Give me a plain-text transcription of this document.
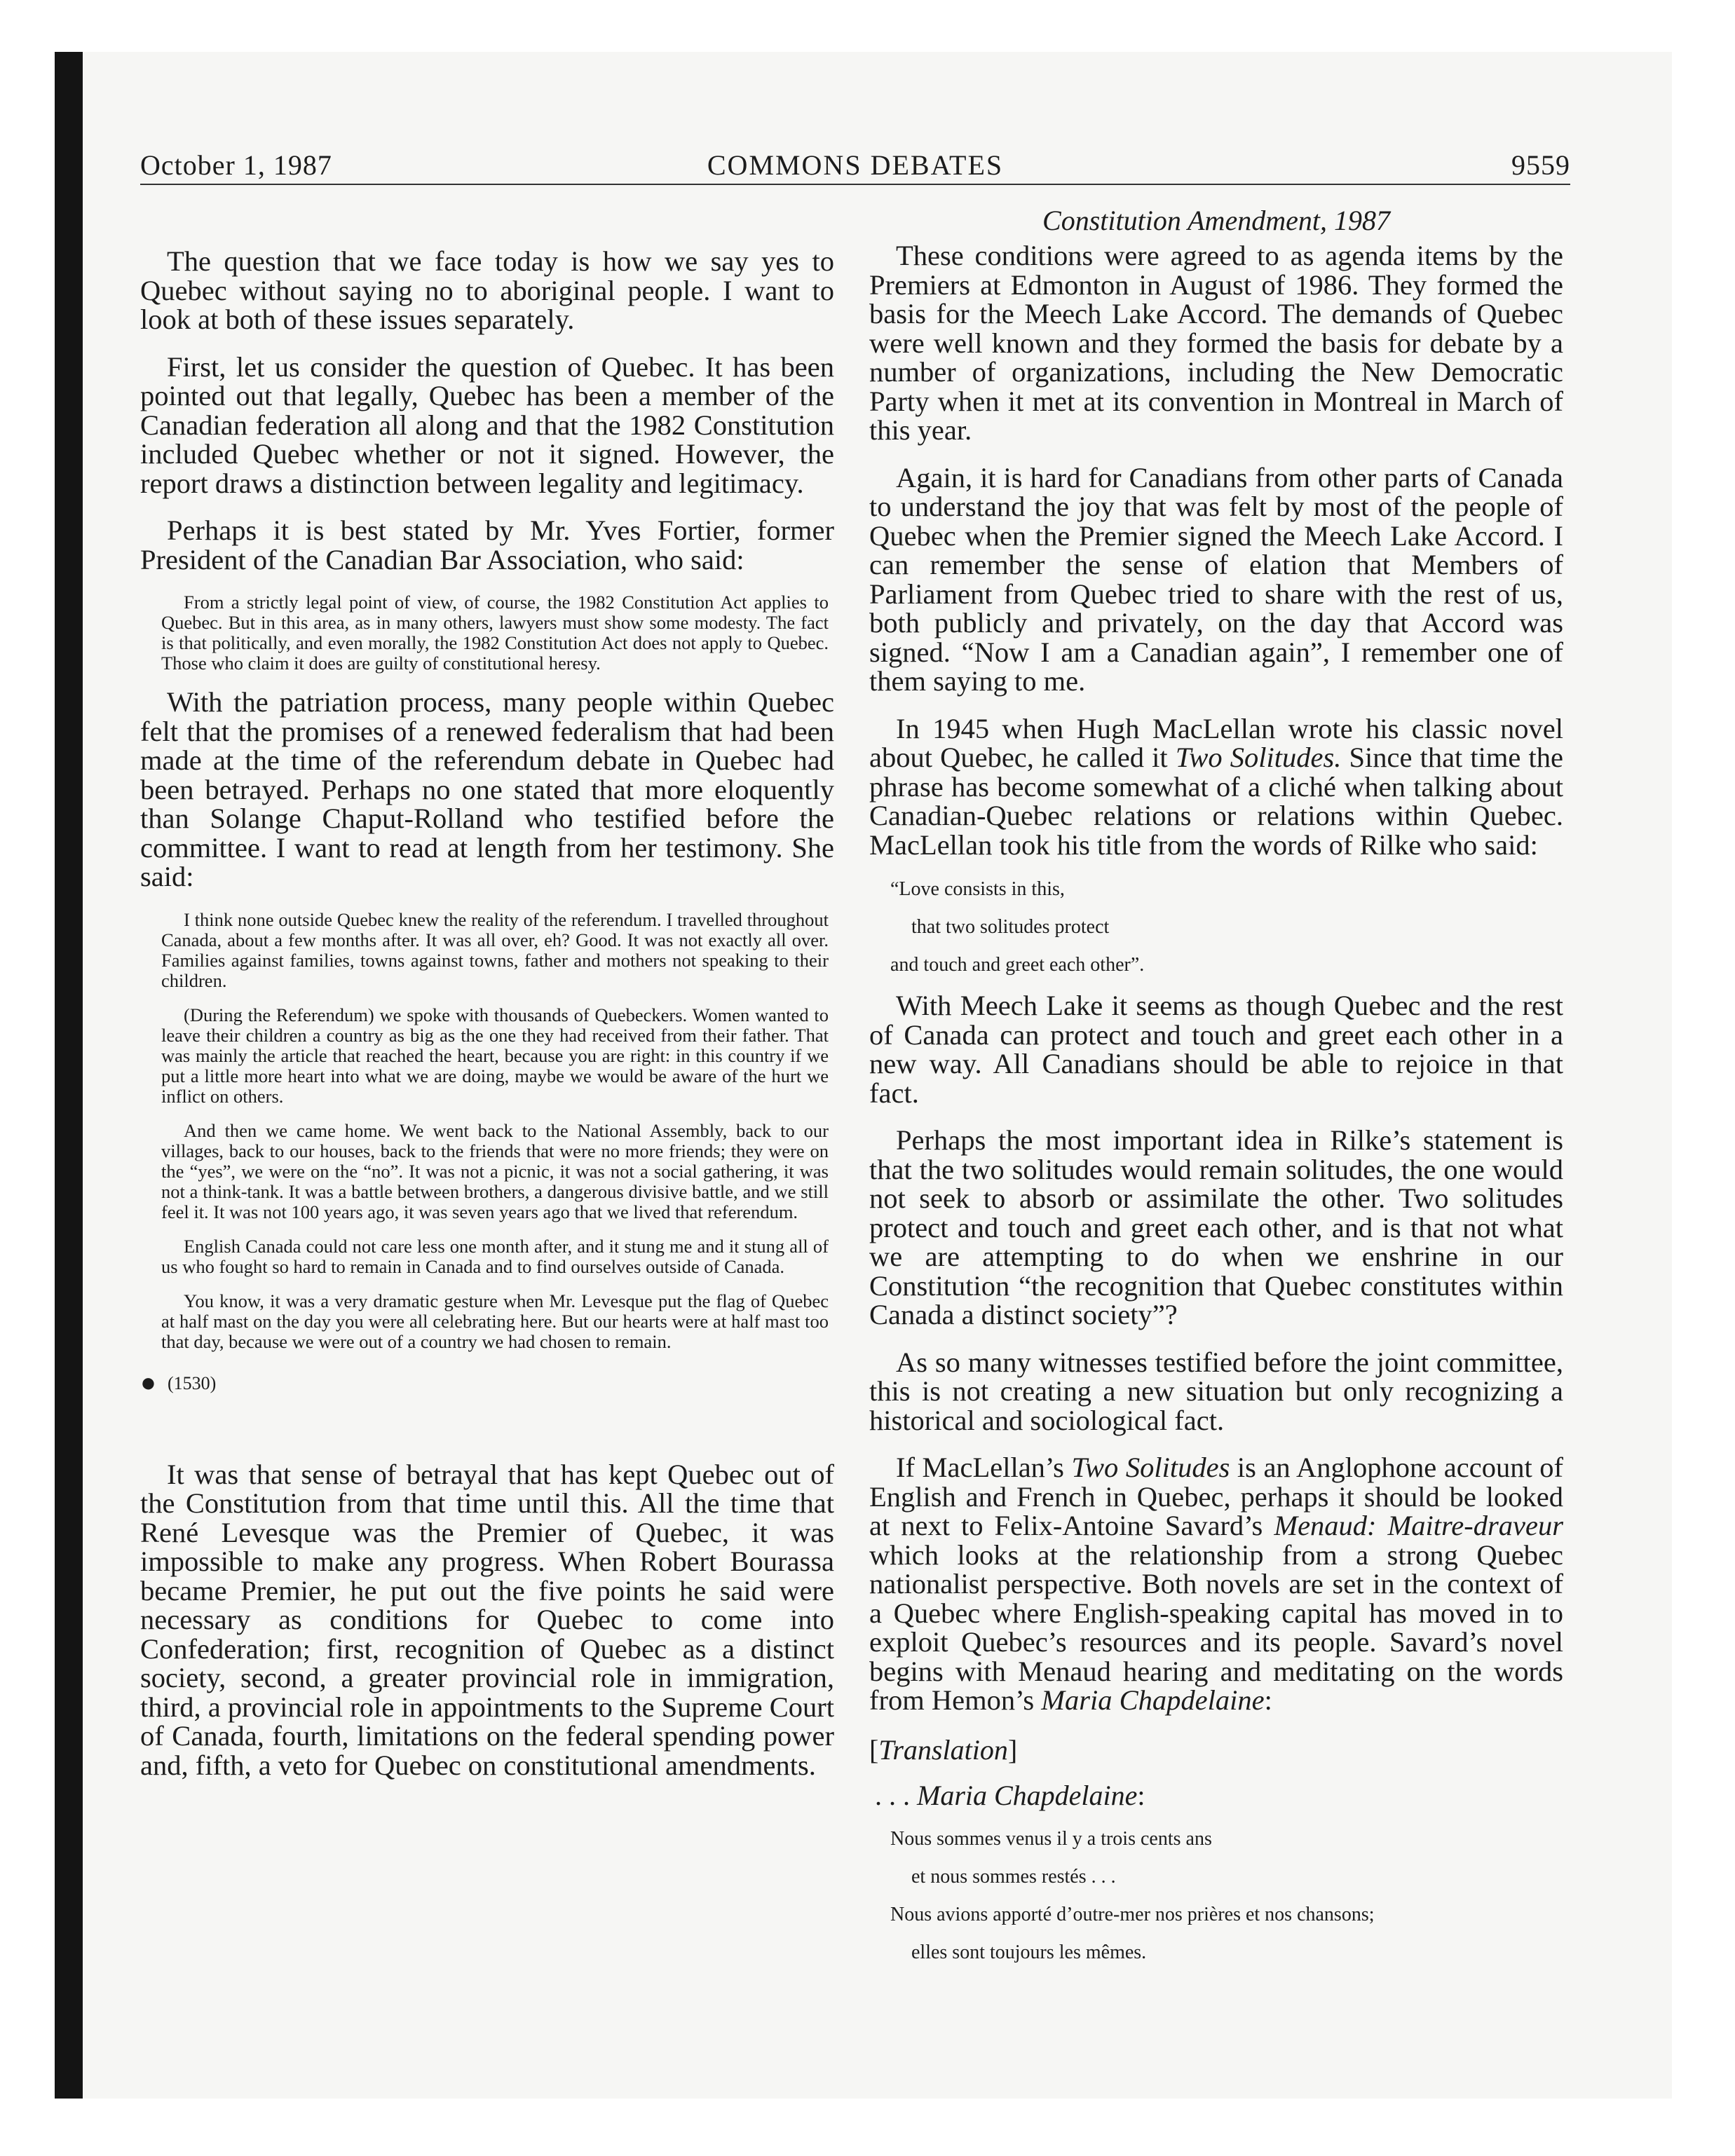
October 1, 1987	COMMONS DEBATES	9559

The question that we face today is how we say yes to Quebec without saying no to aboriginal people. I want to look at both of these issues separately.

First, let us consider the question of Quebec. It has been pointed out that legally, Quebec has been a member of the Canadian federation all along and that the 1982 Constitution included Quebec whether or not it signed. However, the report draws a distinction between legality and legitimacy.

Perhaps it is best stated by Mr. Yves Fortier, former President of the Canadian Bar Association, who said:

From a strictly legal point of view, of course, the 1982 Constitution Act applies to Quebec. But in this area, as in many others, lawyers must show some modesty. The fact is that politically, and even morally, the 1982 Constitution Act does not apply to Quebec. Those who claim it does are guilty of constitutional heresy.

With the patriation process, many people within Quebec felt that the promises of a renewed federalism that had been made at the time of the referendum debate in Quebec had been betrayed. Perhaps no one stated that more eloquently than Solange Chaput-Rolland who testified before the committee. I want to read at length from her testimony. She said:

I think none outside Quebec knew the reality of the referendum. I travelled throughout Canada, about a few months after. It was all over, eh? Good. It was not exactly all over. Families against families, towns against towns, father and mothers not speaking to their children.

(During the Referendum) we spoke with thousands of Quebeckers. Women wanted to leave their children a country as big as the one they had received from their father. That was mainly the article that reached the heart, because you are right: in this country if we put a little more heart into what we are doing, maybe we would be aware of the hurt we inflict on others.

And then we came home. We went back to the National Assembly, back to our villages, back to our houses, back to the friends that were no more friends; they were on the “yes”, we were on the “no”. It was not a picnic, it was not a social gathering, it was not a think-tank. It was a battle between brothers, a dangerous divisive battle, and we still feel it. It was not 100 years ago, it was seven years ago that we lived that referendum.

English Canada could not care less one month after, and it stung me and it stung all of us who fought so hard to remain in Canada and to find ourselves outside of Canada.

You know, it was a very dramatic gesture when Mr. Levesque put the flag of Quebec at half mast on the day you were all celebrating here. But our hearts were at half mast too that day, because we were out of a country we had chosen to remain.

● (1530)

It was that sense of betrayal that has kept Quebec out of the Constitution from that time until this. All the time that René Levesque was the Premier of Quebec, it was impossible to make any progress. When Robert Bourassa became Premier, he put out the five points he said were necessary as conditions for Quebec to come into Confederation; first, recognition of Quebec as a distinct society, second, a greater provincial role in immigration, third, a provincial role in appointments to the Supreme Court of Canada, fourth, limitations on the federal spending power and, fifth, a veto for Quebec on constitutional amendments.

Constitution Amendment, 1987

These conditions were agreed to as agenda items by the Premiers at Edmonton in August of 1986. They formed the basis for the Meech Lake Accord. The demands of Quebec were well known and they formed the basis for debate by a number of organizations, including the New Democratic Party when it met at its convention in Montreal in March of this year.

Again, it is hard for Canadians from other parts of Canada to understand the joy that was felt by most of the people of Quebec when the Premier signed the Meech Lake Accord. I can remember the sense of elation that Members of Parliament from Quebec tried to share with the rest of us, both publicly and privately, on the day that Accord was signed. “Now I am a Canadian again”, I remember one of them saying to me.

In 1945 when Hugh MacLellan wrote his classic novel about Quebec, he called it Two Solitudes. Since that time the phrase has become somewhat of a cliché when talking about Canadian-Quebec relations or relations within Quebec. MacLellan took his title from the words of Rilke who said:

“Love consists in this,

that two solitudes protect

and touch and greet each other”.

With Meech Lake it seems as though Quebec and the rest of Canada can protect and touch and greet each other in a new way. All Canadians should be able to rejoice in that fact.

Perhaps the most important idea in Rilke’s statement is that the two solitudes would remain solitudes, the one would not seek to absorb or assimilate the other. Two solitudes protect and touch and greet each other, and is that not what we are attempting to do when we enshrine in our Constitution “the recognition that Quebec constitutes within Canada a distinct society”?

As so many witnesses testified before the joint committee, this is not creating a new situation but only recognizing a historical and sociological fact.

If MacLellan’s Two Solitudes is an Anglophone account of English and French in Quebec, perhaps it should be looked at next to Felix-Antoine Savard’s Menaud: Maitre-draveur which looks at the relationship from a strong Quebec nationalist perspective. Both novels are set in the context of a Quebec where English-speaking capital has moved in to exploit Quebec’s resources and its people. Savard’s novel begins with Menaud hearing and meditating on the words from Hemon’s Maria Chapdelaine:

[Translation]
. . . Maria Chapdelaine:

Nous sommes venus il y a trois cents ans

et nous sommes restés . . .

Nous avions apporté d’outre-mer nos prières et nos chansons;

elles sont toujours les mêmes.
